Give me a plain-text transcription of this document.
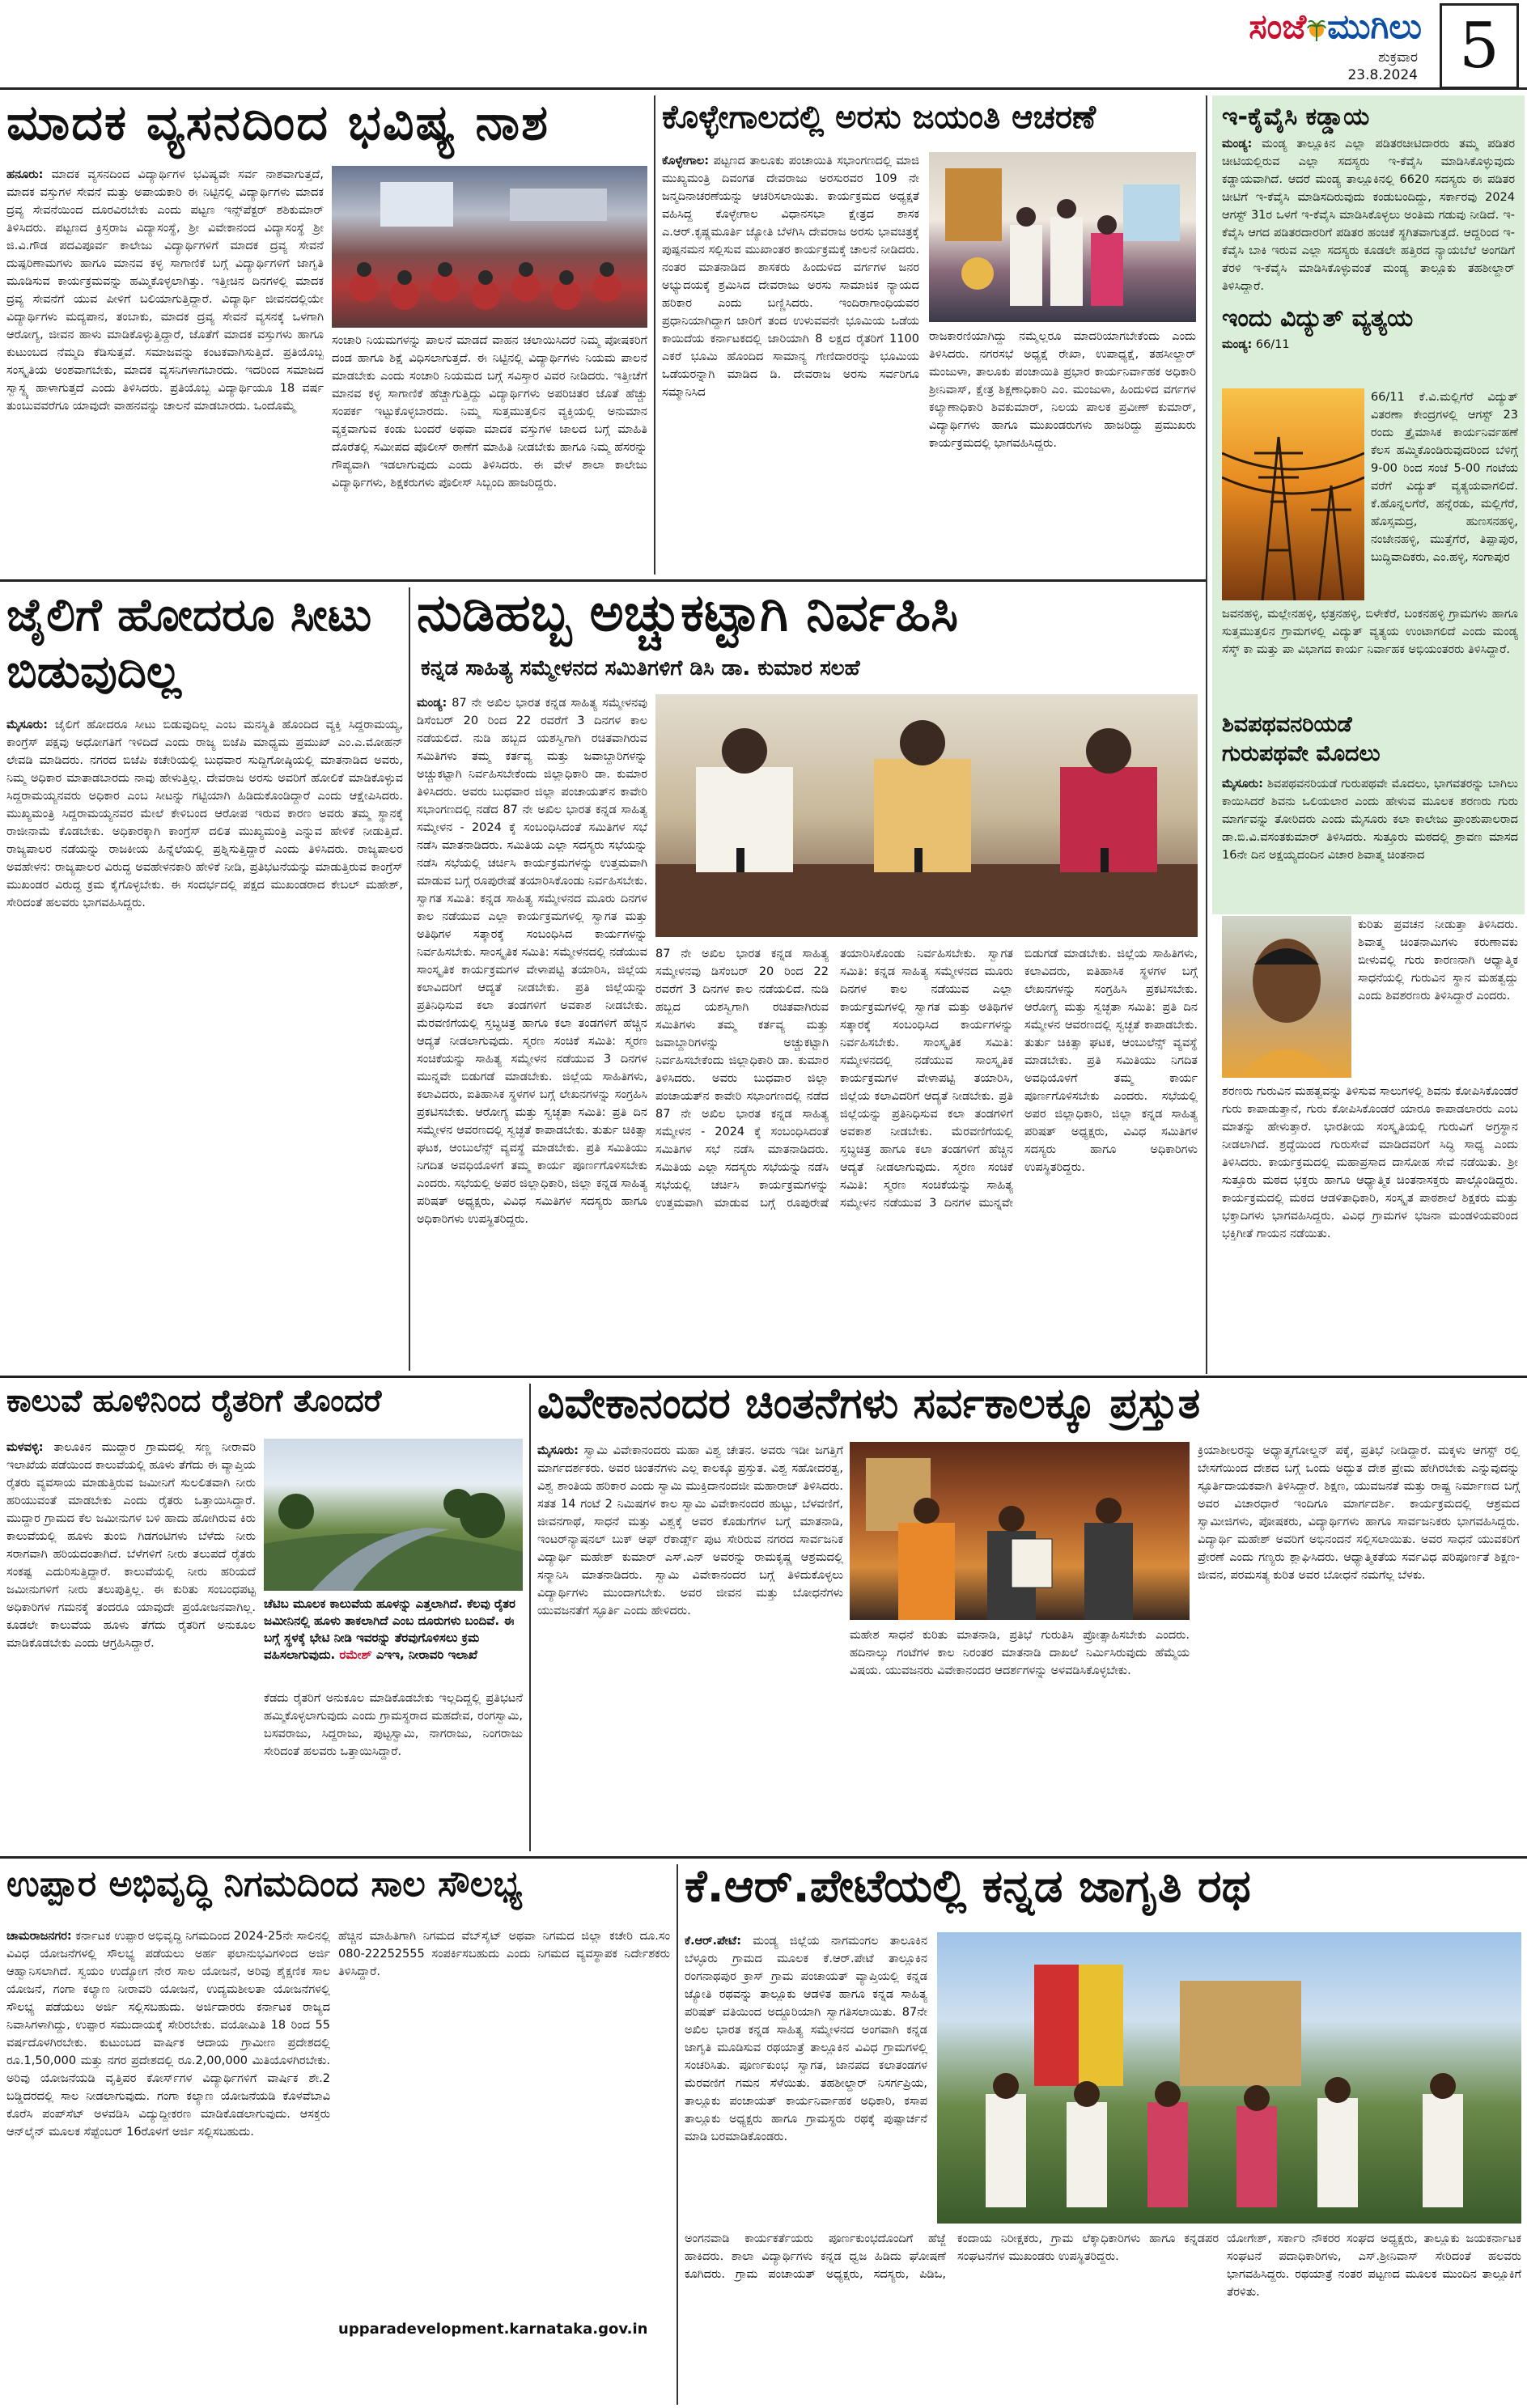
ಸಂಜೆ ಮುಗಿಲು
ಶುಕ್ರವಾರ
23.8.2024 5
ಮಾದಕ ವ್ಯಸನದಿಂದ ಭವಿಷ್ಯ ನಾಶ
ಹನೂರು: ಮಾದಕ ವ್ಯಸನದಿಂದ ವಿದ್ಯಾರ್ಥಿಗಳ ಭವಿಷ್ಯವೇ ಸರ್ವ ನಾಶವಾಗುತ್ತದೆ, ಮಾದಕ ವಸ್ತುಗಳ ಸೇವನೆ ಮತ್ತು ಅಪಾಯಕಾರಿ ಈ ನಿಟ್ಟಿನಲ್ಲಿ ವಿದ್ಯಾರ್ಥಿಗಳು ಮಾದಕ ದ್ರವ್ಯ ಸೇವನೆಯಿಂದ ದೂರವಿರಬೇಕು ಎಂದು ಪಟ್ಟಣ ಇನ್ಸ್‌ಪೆಕ್ಟರ್ ಶಶಿಕುಮಾರ್ ತಿಳಿಸಿದರು. ಪಟ್ಟಣದ ಕ್ರಿಸ್ತರಾಜ ವಿದ್ಯಾಸಂಸ್ಥೆ, ಶ್ರೀ ವಿವೇಕಾನಂದ ವಿದ್ಯಾಸಂಸ್ಥೆ ಶ್ರೀ ಜಿ.ವಿ.ಗೌಡ ಪದವಿಪೂರ್ವ ಕಾಲೇಜು ವಿದ್ಯಾರ್ಥಿಗಳಿಗೆ ಮಾದಕ ದ್ರವ್ಯ ಸೇವನೆ ದುಷ್ಪರಿಣಾಮಗಳು ಹಾಗೂ ಮಾನವ ಕಳ್ಳ ಸಾಗಾಣಿಕೆ ಬಗ್ಗೆ ವಿದ್ಯಾರ್ಥಿಗಳಿಗೆ ಜಾಗೃತಿ ಮೂಡಿಸುವ ಕಾರ್ಯಕ್ರಮವನ್ನು ಹಮ್ಮಿಕೊಳ್ಳಲಾಗಿತ್ತು. ಇತ್ತೀಚಿನ ದಿನಗಳಲ್ಲಿ ಮಾದಕ ದ್ರವ್ಯ ಸೇವನೆಗೆ ಯುವ ಪೀಳಿಗೆ ಬಲಿಯಾಗುತ್ತಿದ್ದಾರೆ. ವಿದ್ಯಾರ್ಥಿ ಜೀವನದಲ್ಲಿಯೇ ವಿದ್ಯಾರ್ಥಿಗಳು ಮದ್ಯಪಾನ, ತಂಬಾಕು, ಮಾದಕ ದ್ರವ್ಯ ಸೇವನೆ ವ್ಯಸನಕ್ಕೆ ಒಳಗಾಗಿ ಆರೋಗ್ಯ, ಜೀವನ ಹಾಳು ಮಾಡಿಕೊಳ್ಳುತ್ತಿದ್ದಾರೆ, ಜೊತೆಗೆ ಮಾದಕ ವಸ್ತುಗಳು ಹಾಗೂ ಕುಟುಂಬದ ನೆಮ್ಮದಿ ಕೆಡಿಸುತ್ತವೆ. ಸಮಾಜವನ್ನು ಕಂಟಕವಾಗಿಸುತ್ತಿದೆ. ಪ್ರತಿಯೊಬ್ಬ ಸಂಸ್ಕೃತಿಯ ಅಂಶವಾಗಬೇಕು, ಮಾದಕ ವ್ಯಸನಿಗಳಾಗಬಾರದು. ಇದರಿಂದ ಸಮಾಜದ ಸ್ವಾಸ್ಥ್ಯ ಹಾಳಾಗುತ್ತದೆ ಎಂದು ತಿಳಿಸಿದರು. ಪ್ರತಿಯೊಬ್ಬ ವಿದ್ಯಾರ್ಥಿಯೂ 18 ವರ್ಷ ತುಂಬುವವರೆಗೂ ಯಾವುದೇ ವಾಹನವನ್ನು ಚಾಲನೆ ಮಾಡಬಾರದು. ಒಂದೊಮ್ಮೆ
ಸಂಚಾರಿ ನಿಯಮಗಳನ್ನು ಪಾಲನೆ ಮಾಡದೆ ವಾಹನ ಚಲಾಯಿಸಿದರೆ ನಿಮ್ಮ ಪೋಷಕರಿಗೆ ದಂಡ ಹಾಗೂ ಶಿಕ್ಷೆ ವಿಧಿಸಲಾಗುತ್ತದೆ. ಈ ನಿಟ್ಟಿನಲ್ಲಿ ವಿದ್ಯಾರ್ಥಿಗಳು ನಿಯಮ ಪಾಲನೆ ಮಾಡಬೇಕು ಎಂದು ಸಂಚಾರಿ ನಿಯಮದ ಬಗ್ಗೆ ಸವಿಸ್ತಾರ ವಿವರ ನೀಡಿದರು. ಇತ್ತೀಚೆಗೆ ಮಾನವ ಕಳ್ಳ ಸಾಗಾಣಿಕೆ ಹೆಚ್ಚಾಗುತ್ತಿದ್ದು ವಿದ್ಯಾರ್ಥಿಗಳು ಅಪರಿಚಿತರ ಜೊತೆ ಹೆಚ್ಚು ಸಂಪರ್ಕ ಇಟ್ಟುಕೊಳ್ಳಬಾರದು. ನಿಮ್ಮ ಸುತ್ತಮುತ್ತಲಿನ ವ್ಯಕ್ತಿಯಲ್ಲಿ ಅನುಮಾನ ವ್ಯಕ್ತವಾಗುವ ಕಂಡು ಬಂದರೆ ಅಥವಾ ಮಾದಕ ವಸ್ತುಗಳ ಜಾಲದ ಬಗ್ಗೆ ಮಾಹಿತಿ ದೊರೆತಲ್ಲಿ ಸಮೀಪದ ಪೊಲೀಸ್ ಠಾಣೆಗೆ ಮಾಹಿತಿ ನೀಡಬೇಕು ಹಾಗೂ ನಿಮ್ಮ ಹೆಸರನ್ನು ಗೌಪ್ಯವಾಗಿ ಇಡಲಾಗುವುದು ಎಂದು ತಿಳಿಸಿದರು. ಈ ವೇಳೆ ಶಾಲಾ ಕಾಲೇಜು ವಿದ್ಯಾರ್ಥಿಗಳು, ಶಿಕ್ಷಕರುಗಳು ಪೊಲೀಸ್ ಸಿಬ್ಬಂದಿ ಹಾಜರಿದ್ದರು.
ಕೊಳ್ಳೇಗಾಲದಲ್ಲಿ ಅರಸು ಜಯಂತಿ ಆಚರಣೆ
ಕೊಳ್ಳೇಗಾಲ: ಪಟ್ಟಣದ ತಾಲೂಕು ಪಂಚಾಯಿತಿ ಸಭಾಂಗಣದಲ್ಲಿ ಮಾಜಿ ಮುಖ್ಯಮಂತ್ರಿ ದಿವಂಗತ ದೇವರಾಜು ಅರಸುರವರ 109 ನೇ ಜನ್ಮದಿನಾಚರಣೆಯನ್ನು ಆಚರಿಸಲಾಯಿತು. ಕಾರ್ಯಕ್ರಮದ ಅಧ್ಯಕ್ಷತೆ ವಹಿಸಿದ್ದ ಕೊಳ್ಳೇಗಾಲ ವಿಧಾನಸಭಾ ಕ್ಷೇತ್ರದ ಶಾಸಕ ಎ.ಆರ್.ಕೃಷ್ಣಮೂರ್ತಿ ಜ್ಯೋತಿ ಬೆಳಗಿಸಿ ದೇವರಾಜ ಅರಸು ಭಾವಚಿತ್ರಕ್ಕೆ ಪುಷ್ಪನಮನ ಸಲ್ಲಿಸುವ ಮುಖಾಂತರ ಕಾರ್ಯಕ್ರಮಕ್ಕೆ ಚಾಲನೆ ನೀಡಿದರು. ನಂತರ ಮಾತನಾಡಿದ ಶಾಸಕರು ಹಿಂದುಳಿದ ವರ್ಗಗಳ ಜನರ ಅಭ್ಯುದಯಕ್ಕೆ ಶ್ರಮಿಸಿದ ದೇವರಾಜು ಅರಸು ಸಾಮಾಜಿಕ ನ್ಯಾಯದ ಹರಿಕಾರ ಎಂದು ಬಣ್ಣಿಸಿದರು. ಇಂದಿರಾಗಾಂಧಿಯವರ ಪ್ರಧಾನಿಯಾಗಿದ್ದಾಗ ಜಾರಿಗೆ ತಂದ ಉಳುವವನೇ ಭೂಮಿಯ ಒಡೆಯ ಕಾಯಿದೆಯ ಕರ್ನಾಟಕದಲ್ಲಿ ಜಾರಿಯಾಗಿ 8 ಲಕ್ಷದ ರೈತರಿಗೆ 1100 ಎಕರೆ ಭೂಮಿ ಹೊಂದಿದ ಸಾಮಾನ್ಯ ಗೇಣಿದಾರರನ್ನು ಭೂಮಿಯ ಒಡೆಯರನ್ನಾಗಿ ಮಾಡಿದ ಡಿ. ದೇವರಾಜ ಅರಸು ಸರ್ವರಿಗೂ ಸಮ್ಮಾನಿಸಿದ
ರಾಜಕಾರಣಿಯಾಗಿದ್ದು ನಮ್ಮೆಲ್ಲರೂ ಮಾದರಿಯಾಗಬೇಕೆಂದು ಎಂದು ತಿಳಿಸಿದರು. ನಗರಸಭೆ ಅಧ್ಯಕ್ಷೆ ರೇಖಾ, ಉಪಾಧ್ಯಕ್ಷೆ, ತಹಸೀಲ್ದಾರ್ ಮಂಜುಳಾ, ತಾಲೂಕು ಪಂಚಾಯಿತಿ ಪ್ರಭಾರ ಕಾರ್ಯನಿರ್ವಾಹಕ ಅಧಿಕಾರಿ ಶ್ರೀನಿವಾಸ್, ಕ್ಷೇತ್ರ ಶಿಕ್ಷಣಾಧಿಕಾರಿ ಎಂ. ಮಂಜುಳಾ, ಹಿಂದುಳಿದ ವರ್ಗಗಳ ಕಲ್ಯಾಣಾಧಿಕಾರಿ ಶಿವಕುಮಾರ್, ನಿಲಯ ಪಾಲಕ ಪ್ರವೀಣ್ ಕುಮಾರ್, ವಿದ್ಯಾರ್ಥಿಗಳು ಹಾಗೂ ಮುಖಂಡರುಗಳು ಹಾಜರಿದ್ದು ಪ್ರಮುಖರು ಕಾರ್ಯಕ್ರಮದಲ್ಲಿ ಭಾಗವಹಿಸಿದ್ದರು.
ಜೈಲಿಗೆ ಹೋದರೂ ಸೀಟು ಬಿಡುವುದಿಲ್ಲ
ಮೈಸೂರು: ಜೈಲಿಗೆ ಹೋದರೂ ಸೀಟು ಬಿಡುವುದಿಲ್ಲ ಎಂಬ ಮನಸ್ಥಿತಿ ಹೊಂದಿದ ವ್ಯಕ್ತಿ ಸಿದ್ದರಾಮಯ್ಯ, ಕಾಂಗ್ರೆಸ್ ಪಕ್ಷವು ಅಧೋಗತಿಗೆ ಇಳಿದಿದೆ ಎಂದು ರಾಜ್ಯ ಬಿಜೆಪಿ ಮಾಧ್ಯಮ ಪ್ರಮುಖ್ ಎಂ.ಎ.ಮೋಹನ್ ಲೇವಡಿ ಮಾಡಿದರು. ನಗರದ ಬಿಜೆಪಿ ಕಚೇರಿಯಲ್ಲಿ ಬುಧವಾರ ಸುದ್ದಿಗೋಷ್ಠಿಯಲ್ಲಿ ಮಾತನಾಡಿದ ಅವರು, ನಿಮ್ಮ ಅಧಿಕಾರ ಮಾತಾಡಬಾರದು ನಾವು ಹೇಳುತ್ತಿಲ್ಲ. ದೇವರಾಜ ಅರಸು ಅವರಿಗೆ ಹೋಲಿಕೆ ಮಾಡಿಕೊಳ್ಳುವ ಸಿದ್ದರಾಮಯ್ಯನವರು ಅಧಿಕಾರ ಎಂಬ ಸೀಟನ್ನು ಗಟ್ಟಿಯಾಗಿ ಹಿಡಿದುಕೊಂಡಿದ್ದಾರೆ ಎಂದು ಆಕ್ಷೇಪಿಸಿದರು. ಮುಖ್ಯಮಂತ್ರಿ ಸಿದ್ದರಾಮಯ್ಯನವರ ಮೇಲೆ ಕೇಳಿಬಂದ ಆರೋಪ ಇರುವ ಕಾರಣ ಅವರು ತಮ್ಮ ಸ್ಥಾನಕ್ಕೆ ರಾಜೀನಾಮೆ ಕೊಡಬೇಕು. ಅಧಿಕಾರಕ್ಕಾಗಿ ಕಾಂಗ್ರೆಸ್ ದಲಿತ ಮುಖ್ಯಮಂತ್ರಿ ಎನ್ನುವ ಹೇಳಿಕೆ ನೀಡುತ್ತಿದೆ. ರಾಜ್ಯಪಾಲರ ನಡೆಯನ್ನು ರಾಜಕೀಯ ಹಿನ್ನೆಲೆಯಲ್ಲಿ ಪ್ರಶ್ನಿಸುತ್ತಿದ್ದಾರೆ ಎಂದು ತಿಳಿಸಿದರು. ರಾಜ್ಯಪಾಲರ ಅವಹೇಳನ: ರಾಜ್ಯಪಾಲರ ವಿರುದ್ಧ ಅವಹೇಳನಕಾರಿ ಹೇಳಿಕೆ ನೀಡಿ, ಪ್ರತಿಭಟನೆಯನ್ನು ಮಾಡುತ್ತಿರುವ ಕಾಂಗ್ರೆಸ್ ಮುಖಂಡರ ವಿರುದ್ಧ ಕ್ರಮ ಕೈಗೊಳ್ಳಬೇಕು. ಈ ಸಂದರ್ಭದಲ್ಲಿ ಪಕ್ಷದ ಮುಖಂಡರಾದ ಕೇಬಲ್ ಮಹೇಶ್, ಸೇರಿದಂತೆ ಹಲವರು ಭಾಗವಹಿಸಿದ್ದರು.
ನುಡಿಹಬ್ಬ ಅಚ್ಚುಕಟ್ಟಾಗಿ ನಿರ್ವಹಿಸಿ
ಕನ್ನಡ ಸಾಹಿತ್ಯ ಸಮ್ಮೇಳನದ ಸಮಿತಿಗಳಿಗೆ ಡಿಸಿ ಡಾ. ಕುಮಾರ ಸಲಹೆ
ಮಂಡ್ಯ: 87 ನೇ ಅಖಿಲ ಭಾರತ ಕನ್ನಡ ಸಾಹಿತ್ಯ ಸಮ್ಮೇಳನವು ಡಿಸೆಂಬರ್ 20 ರಿಂದ 22 ರವರೆಗೆ 3 ದಿನಗಳ ಕಾಲ ನಡೆಯಲಿದೆ. ನುಡಿ ಹಬ್ಬದ ಯಶಸ್ವಿಗಾಗಿ ರಚಿತವಾಗಿರುವ ಸಮಿತಿಗಳು ತಮ್ಮ ಕರ್ತವ್ಯ ಮತ್ತು ಜವಾಬ್ದಾರಿಗಳನ್ನು ಅಚ್ಚುಕಟ್ಟಾಗಿ ನಿರ್ವಹಿಸಬೇಕೆಂದು ಜಿಲ್ಲಾಧಿಕಾರಿ ಡಾ. ಕುಮಾರ ತಿಳಿಸಿದರು. ಅವರು ಬುಧವಾರ ಜಿಲ್ಲಾ ಪಂಚಾಯತ್‌ನ ಕಾವೇರಿ ಸಭಾಂಗಣದಲ್ಲಿ ನಡೆದ 87 ನೇ ಅಖಿಲ ಭಾರತ ಕನ್ನಡ ಸಾಹಿತ್ಯ ಸಮ್ಮೇಳನ - 2024 ಕ್ಕೆ ಸಂಬಂಧಿಸಿದಂತೆ ಸಮಿತಿಗಳ ಸಭೆ ನಡೆಸಿ ಮಾತನಾಡಿದರು. ಸಮಿತಿಯ ಎಲ್ಲಾ ಸದಸ್ಯರು ಸಭೆಯನ್ನು ನಡೆಸಿ ಸಭೆಯಲ್ಲಿ ಚರ್ಚಿಸಿ ಕಾರ್ಯಕ್ರಮಗಳನ್ನು ಉತ್ತಮವಾಗಿ ಮಾಡುವ ಬಗ್ಗೆ ರೂಪುರೇಷೆ ತಯಾರಿಸಿಕೊಂಡು ನಿರ್ವಹಿಸಬೇಕು. ಸ್ವಾಗತ ಸಮಿತಿ: ಕನ್ನಡ ಸಾಹಿತ್ಯ ಸಮ್ಮೇಳನದ ಮೂರು ದಿನಗಳ ಕಾಲ ನಡೆಯುವ ಎಲ್ಲಾ ಕಾರ್ಯಕ್ರಮಗಳಲ್ಲಿ ಸ್ವಾಗತ ಮತ್ತು ಅತಿಥಿಗಳ ಸತ್ಕಾರಕ್ಕೆ ಸಂಬಂಧಿಸಿದ ಕಾರ್ಯಗಳನ್ನು ನಿರ್ವಹಿಸಬೇಕು. ಸಾಂಸ್ಕೃತಿಕ ಸಮಿತಿ: ಸಮ್ಮೇಳನದಲ್ಲಿ ನಡೆಯುವ ಸಾಂಸ್ಕೃತಿಕ ಕಾರ್ಯಕ್ರಮಗಳ ವೇಳಾಪಟ್ಟಿ ತಯಾರಿಸಿ, ಜಿಲ್ಲೆಯ ಕಲಾವಿದರಿಗೆ ಆದ್ಯತೆ ನೀಡಬೇಕು. ಪ್ರತಿ ಜಿಲ್ಲೆಯನ್ನು ಪ್ರತಿನಿಧಿಸುವ ಕಲಾ ತಂಡಗಳಿಗೆ ಅವಕಾಶ ನೀಡಬೇಕು. ಮೆರವಣಿಗೆಯಲ್ಲಿ ಸ್ತಬ್ಧಚಿತ್ರ ಹಾಗೂ ಕಲಾ ತಂಡಗಳಿಗೆ ಹೆಚ್ಚಿನ ಆದ್ಯತೆ ನೀಡಲಾಗುವುದು. ಸ್ಮರಣ ಸಂಚಿಕೆ ಸಮಿತಿ: ಸ್ಮರಣ ಸಂಚಿಕೆಯನ್ನು ಸಾಹಿತ್ಯ ಸಮ್ಮೇಳನ ನಡೆಯುವ 3 ದಿನಗಳ ಮುನ್ನವೇ ಬಿಡುಗಡೆ ಮಾಡಬೇಕು. ಜಿಲ್ಲೆಯ ಸಾಹಿತಿಗಳು, ಕಲಾವಿದರು, ಐತಿಹಾಸಿಕ ಸ್ಥಳಗಳ ಬಗ್ಗೆ ಲೇಖನಗಳನ್ನು ಸಂಗ್ರಹಿಸಿ ಪ್ರಕಟಿಸಬೇಕು. ಆರೋಗ್ಯ ಮತ್ತು ಸ್ವಚ್ಛತಾ ಸಮಿತಿ: ಪ್ರತಿ ದಿನ ಸಮ್ಮೇಳನ ಆವರಣದಲ್ಲಿ ಸ್ವಚ್ಛತೆ ಕಾಪಾಡಬೇಕು. ತುರ್ತು ಚಿಕಿತ್ಸಾ ಘಟಕ, ಆಂಬುಲೆನ್ಸ್ ವ್ಯವಸ್ಥೆ ಮಾಡಬೇಕು. ಪ್ರತಿ ಸಮಿತಿಯು ನಿಗದಿತ ಅವಧಿಯೊಳಗೆ ತಮ್ಮ ಕಾರ್ಯ ಪೂರ್ಣಗೊಳಿಸಬೇಕು ಎಂದರು. ಸಭೆಯಲ್ಲಿ ಅಪರ ಜಿಲ್ಲಾಧಿಕಾರಿ, ಜಿಲ್ಲಾ ಕನ್ನಡ ಸಾಹಿತ್ಯ ಪರಿಷತ್ ಅಧ್ಯಕ್ಷರು, ವಿವಿಧ ಸಮಿತಿಗಳ ಸದಸ್ಯರು ಹಾಗೂ ಅಧಿಕಾರಿಗಳು ಉಪಸ್ಥಿತರಿದ್ದರು.
87 ನೇ ಅಖಿಲ ಭಾರತ ಕನ್ನಡ ಸಾಹಿತ್ಯ ಸಮ್ಮೇಳನವು ಡಿಸೆಂಬರ್ 20 ರಿಂದ 22 ರವರೆಗೆ 3 ದಿನಗಳ ಕಾಲ ನಡೆಯಲಿದೆ. ನುಡಿ ಹಬ್ಬದ ಯಶಸ್ವಿಗಾಗಿ ರಚಿತವಾಗಿರುವ ಸಮಿತಿಗಳು ತಮ್ಮ ಕರ್ತವ್ಯ ಮತ್ತು ಜವಾಬ್ದಾರಿಗಳನ್ನು ಅಚ್ಚುಕಟ್ಟಾಗಿ ನಿರ್ವಹಿಸಬೇಕೆಂದು ಜಿಲ್ಲಾಧಿಕಾರಿ ಡಾ. ಕುಮಾರ ತಿಳಿಸಿದರು. ಅವರು ಬುಧವಾರ ಜಿಲ್ಲಾ ಪಂಚಾಯತ್‌ನ ಕಾವೇರಿ ಸಭಾಂಗಣದಲ್ಲಿ ನಡೆದ 87 ನೇ ಅಖಿಲ ಭಾರತ ಕನ್ನಡ ಸಾಹಿತ್ಯ ಸಮ್ಮೇಳನ - 2024 ಕ್ಕೆ ಸಂಬಂಧಿಸಿದಂತೆ ಸಮಿತಿಗಳ ಸಭೆ ನಡೆಸಿ ಮಾತನಾಡಿದರು. ಸಮಿತಿಯ ಎಲ್ಲಾ ಸದಸ್ಯರು ಸಭೆಯನ್ನು ನಡೆಸಿ ಸಭೆಯಲ್ಲಿ ಚರ್ಚಿಸಿ ಕಾರ್ಯಕ್ರಮಗಳನ್ನು ಉತ್ತಮವಾಗಿ ಮಾಡುವ ಬಗ್ಗೆ ರೂಪುರೇಷೆ ತಯಾರಿಸಿಕೊಂಡು ನಿರ್ವಹಿಸಬೇಕು. ಸ್ವಾಗತ ಸಮಿತಿ: ಕನ್ನಡ ಸಾಹಿತ್ಯ ಸಮ್ಮೇಳನದ ಮೂರು ದಿನಗಳ ಕಾಲ ನಡೆಯುವ ಎಲ್ಲಾ ಕಾರ್ಯಕ್ರಮಗಳಲ್ಲಿ ಸ್ವಾಗತ ಮತ್ತು ಅತಿಥಿಗಳ ಸತ್ಕಾರಕ್ಕೆ ಸಂಬಂಧಿಸಿದ ಕಾರ್ಯಗಳನ್ನು ನಿರ್ವಹಿಸಬೇಕು. ಸಾಂಸ್ಕೃತಿಕ ಸಮಿತಿ: ಸಮ್ಮೇಳನದಲ್ಲಿ ನಡೆಯುವ ಸಾಂಸ್ಕೃತಿಕ ಕಾರ್ಯಕ್ರಮಗಳ ವೇಳಾಪಟ್ಟಿ ತಯಾರಿಸಿ, ಜಿಲ್ಲೆಯ ಕಲಾವಿದರಿಗೆ ಆದ್ಯತೆ ನೀಡಬೇಕು. ಪ್ರತಿ ಜಿಲ್ಲೆಯನ್ನು ಪ್ರತಿನಿಧಿಸುವ ಕಲಾ ತಂಡಗಳಿಗೆ ಅವಕಾಶ ನೀಡಬೇಕು. ಮೆರವಣಿಗೆಯಲ್ಲಿ ಸ್ತಬ್ಧಚಿತ್ರ ಹಾಗೂ ಕಲಾ ತಂಡಗಳಿಗೆ ಹೆಚ್ಚಿನ ಆದ್ಯತೆ ನೀಡಲಾಗುವುದು. ಸ್ಮರಣ ಸಂಚಿಕೆ ಸಮಿತಿ: ಸ್ಮರಣ ಸಂಚಿಕೆಯನ್ನು ಸಾಹಿತ್ಯ ಸಮ್ಮೇಳನ ನಡೆಯುವ 3 ದಿನಗಳ ಮುನ್ನವೇ ಬಿಡುಗಡೆ ಮಾಡಬೇಕು. ಜಿಲ್ಲೆಯ ಸಾಹಿತಿಗಳು, ಕಲಾವಿದರು, ಐತಿಹಾಸಿಕ ಸ್ಥಳಗಳ ಬಗ್ಗೆ ಲೇಖನಗಳನ್ನು ಸಂಗ್ರಹಿಸಿ ಪ್ರಕಟಿಸಬೇಕು. ಆರೋಗ್ಯ ಮತ್ತು ಸ್ವಚ್ಛತಾ ಸಮಿತಿ: ಪ್ರತಿ ದಿನ ಸಮ್ಮೇಳನ ಆವರಣದಲ್ಲಿ ಸ್ವಚ್ಛತೆ ಕಾಪಾಡಬೇಕು. ತುರ್ತು ಚಿಕಿತ್ಸಾ ಘಟಕ, ಆಂಬುಲೆನ್ಸ್ ವ್ಯವಸ್ಥೆ ಮಾಡಬೇಕು. ಪ್ರತಿ ಸಮಿತಿಯು ನಿಗದಿತ ಅವಧಿಯೊಳಗೆ ತಮ್ಮ ಕಾರ್ಯ ಪೂರ್ಣಗೊಳಿಸಬೇಕು ಎಂದರು. ಸಭೆಯಲ್ಲಿ ಅಪರ ಜಿಲ್ಲಾಧಿಕಾರಿ, ಜಿಲ್ಲಾ ಕನ್ನಡ ಸಾಹಿತ್ಯ ಪರಿಷತ್ ಅಧ್ಯಕ್ಷರು, ವಿವಿಧ ಸಮಿತಿಗಳ ಸದಸ್ಯರು ಹಾಗೂ ಅಧಿಕಾರಿಗಳು ಉಪಸ್ಥಿತರಿದ್ದರು.
ಇ-ಕೈವೈಸಿ ಕಡ್ಡಾಯ
ಮಂಡ್ಯ: ಮಂಡ್ಯ ತಾಲ್ಲೂಕಿನ ಎಲ್ಲಾ ಪಡಿತರಚೀಟಿದಾರರು ತಮ್ಮ ಪಡಿತರ ಚೀಟಿಯಲ್ಲಿರುವ ಎಲ್ಲಾ ಸದಸ್ಯರು ಇ-ಕೆವೈಸಿ ಮಾಡಿಸಿಕೊಳ್ಳುವುದು ಕಡ್ಡಾಯವಾಗಿದೆ. ಆದರೆ ಮಂಡ್ಯ ತಾಲ್ಲೂಕಿನಲ್ಲಿ 6620 ಸದಸ್ಯರು ಈ ಪಡಿತರ ಚೀಟಿಗೆ ಇ-ಕೆವೈಸಿ ಮಾಡಿಸದಿರುವುದು ಕಂಡುಬಂದಿದ್ದು, ಸರ್ಕಾರವು 2024 ಆಗಸ್ಟ್ 31ರ ಒಳಗೆ ಇ-ಕೆವೈಸಿ ಮಾಡಿಸಿಕೊಳ್ಳಲು ಅಂತಿಮ ಗಡುವು ನೀಡಿದೆ. ಇ-ಕೆವೈಸಿ ಆಗದ ಪಡಿತರದಾರರಿಗೆ ಪಡಿತರ ಹಂಚಿಕೆ ಸ್ಥಗಿತವಾಗುತ್ತದೆ. ಆದ್ದರಿಂದ ಇ-ಕೆವೈಸಿ ಬಾಕಿ ಇರುವ ಎಲ್ಲಾ ಸದಸ್ಯರು ಕೂಡಲೇ ಹತ್ತಿರದ ನ್ಯಾಯಬೆಲೆ ಅಂಗಡಿಗೆ ತೆರಳಿ ಇ-ಕೆವೈಸಿ ಮಾಡಿಸಿಕೊಳ್ಳುವಂತೆ ಮಂಡ್ಯ ತಾಲ್ಲೂಕು ತಹಶೀಲ್ದಾರ್ ತಿಳಿಸಿದ್ದಾರೆ.
ಇಂದು ವಿದ್ಯುತ್ ವ್ಯತ್ಯಯ
ಮಂಡ್ಯ: 66/11
66/11 ಕೆ.ವಿ.ಮಲ್ಲಿಗೆರೆ ವಿದ್ಯುತ್ ವಿತರಣಾ ಕೇಂದ್ರಗಳಲ್ಲಿ ಆಗಸ್ಟ್ 23 ರಂದು ತ್ರೈಮಾಸಿಕ ಕಾರ್ಯನಿರ್ವಹಣೆ ಕೆಲಸ ಹಮ್ಮಿಕೊಂಡಿರುವುದರಿಂದ ಬೆಳಿಗ್ಗೆ 9-00 ರಿಂದ ಸಂಜೆ 5-00 ಗಂಟೆಯ ವರೆಗೆ ವಿದ್ಯುತ್ ವ್ಯತ್ಯಯವಾಗಲಿದೆ. ಕೆ.ಹೊನ್ನಲಗೆರೆ, ಹನ್ನೆರಡು, ಮಲ್ಲಿಗೆರೆ, ಹೊಸ್ಸಮದ್ರ, ಹುಣಸನಹಳ್ಳಿ, ನಂಜೇನಹಳ್ಳಿ, ಮುತ್ತೆಗೆರೆ, ತಿಪ್ಪಾಪುರ, ಬುದ್ಧಿವಾದಿಕರು, ಎಂ.ಹಳ್ಳಿ, ಸಂಗಾಪುರ
ಜವನಹಳ್ಳಿ, ಮಲ್ಲೇನಹಳ್ಳಿ, ಛತ್ರನಹಳ್ಳಿ, ಬಿಳೇಕೆರೆ, ಬಂಕನಹಳ್ಳಿ ಗ್ರಾಮಗಳು ಹಾಗೂ ಸುತ್ತಮುತ್ತಲಿನ ಗ್ರಾಮಗಳಲ್ಲಿ ವಿದ್ಯುತ್ ವ್ಯತ್ಯಯ ಉಂಟಾಗಲಿದೆ ಎಂದು ಮಂಡ್ಯ ಸೆಸ್ಕ್ ಕಾ ಮತ್ತು ಪಾ ವಿಭಾಗದ ಕಾರ್ಯ ನಿರ್ವಾಹಕ ಅಭಿಯಂತರರು ತಿಳಿಸಿದ್ದಾರೆ.
ಶಿವಪಥವನರಿಯಡೆ
ಗುರುಪಥವೇ ಮೊದಲು
ಮೈಸೂರು: ಶಿವಪಥವನರಿಯಡೆ ಗುರುಪಥವೇ ಮೊದಲು, ಭಾಗವತರನ್ನು ಬಾಗಿಲು ಕಾಯಿಸಿದರೆ ಶಿವನು ಒಲಿಯಲಾರ ಎಂದು ಹೇಳುವ ಮೂಲಕ ಶರಣರು ಗುರು ಮಾರ್ಗವನ್ನು ತೋರಿದರು ಎಂದು ಮೈಸೂರು ಕಲಾ ಕಾಲೇಜು ಪ್ರಾಂಶುಪಾಲರಾದ ಡಾ.ಬಿ.ವಿ.ವಸಂತಕುಮಾರ್ ತಿಳಿಸಿದರು. ಸುತ್ತೂರು ಮಠದಲ್ಲಿ ಶ್ರಾವಣ ಮಾಸದ 16ನೇ ದಿನ ಅಕ್ಷಯ್ಯದಂದಿನ ವಿಚಾರ ಶಿವಾತ್ಮ ಚಿಂತನಾದ
ಕುರಿತು ಪ್ರವಚನ ನೀಡುತ್ತಾ ತಿಳಿಸಿದರು. ಶಿವಾತ್ಮ ಚಿಂತನಾಮಿಗಳು ಕರುಣಾವಕು ಬೀಳುವಲ್ಲಿ ಗುರು ಕಾರಣನಾಗಿ ಆಧ್ಯಾತ್ಮಿಕ ಸಾಧನೆಯಲ್ಲಿ ಗುರುವಿನ ಸ್ಥಾನ ಮಹತ್ವದ್ದು ಎಂದು ಶಿವಶರಣರು ತಿಳಿಸಿದ್ದಾರೆ ಎಂದರು.
ಶರಣರು ಗುರುವಿನ ಮಹತ್ವವನ್ನು ತಿಳಿಸುವ ಸಾಲುಗಳಲ್ಲಿ ಶಿವನು ಕೋಪಿಸಿಕೊಂಡರೆ ಗುರು ಕಾಪಾಡುತ್ತಾನೆ, ಗುರು ಕೋಪಿಸಿಕೊಂಡರೆ ಯಾರೂ ಕಾಪಾಡಲಾರರು ಎಂಬ ಮಾತನ್ನು ಹೇಳುತ್ತಾರೆ. ಭಾರತೀಯ ಸಂಸ್ಕೃತಿಯಲ್ಲಿ ಗುರುವಿಗೆ ಅಗ್ರಸ್ಥಾನ ನೀಡಲಾಗಿದೆ. ಶ್ರದ್ಧೆಯಿಂದ ಗುರುಸೇವೆ ಮಾಡಿದವರಿಗೆ ಸಿದ್ಧಿ ಸಾಧ್ಯ ಎಂದು ತಿಳಿಸಿದರು. ಕಾರ್ಯಕ್ರಮದಲ್ಲಿ ಮಹಾಪ್ರಸಾದ ದಾಸೋಹ ಸೇವೆ ನಡೆಯಿತು. ಶ್ರೀ ಸುತ್ತೂರು ಮಠದ ಭಕ್ತರು ಹಾಗೂ ಆಧ್ಯಾತ್ಮಿಕ ಚಿಂತನಾಸಕ್ತರು ಪಾಲ್ಗೊಂಡಿದ್ದರು. ಕಾರ್ಯಕ್ರಮದಲ್ಲಿ ಮಠದ ಆಡಳಿತಾಧಿಕಾರಿ, ಸಂಸ್ಕೃತ ಪಾಠಶಾಲೆ ಶಿಕ್ಷಕರು ಮತ್ತು ಭಕ್ತಾದಿಗಳು ಭಾಗವಹಿಸಿದ್ದರು. ವಿವಿಧ ಗ್ರಾಮಗಳ ಭಜನಾ ಮಂಡಳಿಯವರಿಂದ ಭಕ್ತಿಗೀತೆ ಗಾಯನ ನಡೆಯಿತು.
ಕಾಲುವೆ ಹೂಳಿನಿಂದ ರೈತರಿಗೆ ತೊಂದರೆ
ಮಳವಳ್ಳಿ: ತಾಲೂಕಿನ ಮುದ್ದಾರ ಗ್ರಾಮದಲ್ಲಿ ಸಣ್ಣ ನೀರಾವರಿ ಇಲಾಖೆಯ ಪಡೆಯಿಂದ ಕಾಲುವೆಯಲ್ಲಿ ಹೂಳು ತೆಗೆದು ಈ ವ್ಯಾಪ್ತಿಯ ರೈತರು ವ್ಯವಸಾಯ ಮಾಡುತ್ತಿರುವ ಜಮೀನಿಗೆ ಸುಲಲಿತವಾಗಿ ನೀರು ಹರಿಯುವಂತೆ ಮಾಡಬೇಕು ಎಂದು ರೈತರು ಒತ್ತಾಯಿಸಿದ್ದಾರೆ. ಮುದ್ದಾರ ಗ್ರಾಮದ ಕೆಲ ಜಮೀನುಗಳ ಬಳಿ ಹಾದು ಹೋಗಿರುವ ಕಿರು ಕಾಲುವೆಯಲ್ಲಿ ಹೂಳು ತುಂಬಿ ಗಿಡಗಂಟಿಗಳು ಬೆಳೆದು ನೀರು ಸರಾಗವಾಗಿ ಹರಿಯದಂತಾಗಿದೆ. ಬೆಳೆಗಳಿಗೆ ನೀರು ತಲುಪದೆ ರೈತರು ಸಂಕಷ್ಟ ಎದುರಿಸುತ್ತಿದ್ದಾರೆ. ಕಾಲುವೆಯಲ್ಲಿ ನೀರು ಹರಿಯದೆ ಜಮೀನುಗಳಿಗೆ ನೀರು ತಲುಪುತ್ತಿಲ್ಲ. ಈ ಕುರಿತು ಸಂಬಂಧಪಟ್ಟ ಅಧಿಕಾರಿಗಳ ಗಮನಕ್ಕೆ ತಂದರೂ ಯಾವುದೇ ಪ್ರಯೋಜನವಾಗಿಲ್ಲ. ಕೂಡಲೇ ಕಾಲುವೆಯ ಹೂಳು ತೆಗೆದು ರೈತರಿಗೆ ಅನುಕೂಲ ಮಾಡಿಕೊಡಬೇಕು ಎಂದು ಆಗ್ರಹಿಸಿದ್ದಾರೆ.
ಚೆಟಿಬ ಮೂಲಕ ಕಾಲುವೆಯ ಹೂಳನ್ನು ಎತ್ತಲಾಗಿದೆ. ಕೆಲವು ರೈತರ ಜಮೀನಿನಲ್ಲಿ ಹೂಳು ತಾಕಲಾಗಿದೆ ಎಂಬ ದೂರುಗಳು ಬಂದಿವೆ. ಈ ಬಗ್ಗೆ ಸ್ಥಳಕ್ಕೆ ಭೇಟಿ ನೀಡಿ ಇವರನ್ನು ತೆರವುಗೊಳಿಸಲು ಕ್ರಮ ವಹಿಸಲಾಗುವುದು. ರಮೇಶ್ ಎಇಇ, ನೀರಾವರಿ ಇಲಾಖೆ
ಕೆಡದು ರೈತರಿಗೆ ಅನುಕೂಲ ಮಾಡಿಕೊಡಬೇಕು ಇಲ್ಲದಿದ್ದಲ್ಲಿ ಪ್ರತಿಭಟನೆ ಹಮ್ಮಿಕೊಳ್ಳಲಾಗುವುದು ಎಂದು ಗ್ರಾಮಸ್ಥರಾದ ಮಹದೇವ, ರಂಗಸ್ವಾಮಿ, ಬಸವರಾಜು, ಸಿದ್ದರಾಜು, ಪುಟ್ಟಸ್ವಾಮಿ, ನಾಗರಾಜು, ನಿಂಗರಾಜು ಸೇರಿದಂತೆ ಹಲವರು ಒತ್ತಾಯಿಸಿದ್ದಾರೆ.
ವಿವೇಕಾನಂದರ ಚಿಂತನೆಗಳು ಸರ್ವಕಾಲಕ್ಕೂ ಪ್ರಸ್ತುತ
ಮೈಸೂರು: ಸ್ವಾಮಿ ವಿವೇಕಾನಂದರು ಮಹಾ ವಿಶ್ವ ಚೇತನ. ಅವರು ಇಡೀ ಜಗತ್ತಿಗೆ ಮಾರ್ಗದರ್ಶಕರು. ಅವರ ಚಿಂತನೆಗಳು ಎಲ್ಲ ಕಾಲಕ್ಕೂ ಪ್ರಸ್ತುತ. ವಿಶ್ವ ಸಹೋದರತ್ವ, ವಿಶ್ವ ಶಾಂತಿಯ ಹರಿಕಾರ ಎಂದು ಸ್ವಾಮಿ ಮುಕ್ತಿದಾನಂದಜೀ ಮಹಾರಾಜ್ ತಿಳಿಸಿದರು. ಸತತ 14 ಗಂಟೆ 2 ನಿಮಿಷಗಳ ಕಾಲ ಸ್ವಾಮಿ ವಿವೇಕಾನಂದರ ಹುಟ್ಟು, ಬೆಳವಣಿಗೆ, ಜೀವನಗಾಥೆ, ಸಾಧನೆ ಮತ್ತು ವಿಶ್ವಕ್ಕೆ ಅವರ ಕೊಡುಗೆಗಳ ಬಗ್ಗೆ ಮಾತನಾಡಿ, ಇಂಟರ್‌ನ್ಯಾಷನಲ್ ಬುಕ್ ಆಫ್ ರೆಕಾರ್ಡ್ಸ್ ಪುಟ ಸೇರಿರುವ ನಗರದ ಸಾರ್ವಜನಿಕ ವಿದ್ಯಾರ್ಥಿ ಮಹೇಶ್ ಕುಮಾರ್ ಎಸ್.ಎನ್ ಅವರನ್ನು ರಾಮಕೃಷ್ಣ ಆಶ್ರಮದಲ್ಲಿ ಸನ್ಮಾನಿಸಿ ಮಾತನಾಡಿದರು. ಸ್ವಾಮಿ ವಿವೇಕಾನಂದರ ಬಗ್ಗೆ ತಿಳಿದುಕೊಳ್ಳಲು ವಿದ್ಯಾರ್ಥಿಗಳು ಮುಂದಾಗಬೇಕು. ಅವರ ಜೀವನ ಮತ್ತು ಬೋಧನೆಗಳು ಯುವಜನತೆಗೆ ಸ್ಫೂರ್ತಿ ಎಂದು ಹೇಳಿದರು.
ಮಹೇಶ ಸಾಧನೆ ಕುರಿತು ಮಾತನಾಡಿ, ಪ್ರತಿಭೆ ಗುರುತಿಸಿ ಪ್ರೋತ್ಸಾಹಿಸಬೇಕು ಎಂದರು. ಹದಿನಾಲ್ಕು ಗಂಟೆಗಳ ಕಾಲ ನಿರಂತರ ಮಾತನಾಡಿ ದಾಖಲೆ ನಿರ್ಮಿಸಿರುವುದು ಹೆಮ್ಮೆಯ ವಿಷಯ. ಯುವಜನರು ವಿವೇಕಾನಂದರ ಆದರ್ಶಗಳನ್ನು ಅಳವಡಿಸಿಕೊಳ್ಳಬೇಕು.
ಕ್ರಿಯಾಶೀಲರನ್ನು ಅಧ್ಯಾತ್ಮಗೋಲ್ಡನ್ ಪಕ್ಕೆ, ಪ್ರತಿಭೆ ನೀಡಿದ್ದಾರೆ. ಮಕ್ಕಳು ಆಗಸ್ಟ್ ರಲ್ಲಿ ಬೇಸಗೆಯಿಂದ ದೇಶದ ಬಗ್ಗೆ ಒಂದು ಅದ್ಭುತ ದೇಶ ಪ್ರೇಮ ಹೇಗಿರಬೇಕು ಎನ್ನುವುದನ್ನು ಸ್ಫೂರ್ತಿದಾಯಕವಾಗಿ ತಿಳಿಸಿದ್ದಾರೆ. ಶಿಕ್ಷಣ, ಯುವಜನತೆ ಮತ್ತು ರಾಷ್ಟ್ರ ನಿರ್ಮಾಣದ ಬಗ್ಗೆ ಅವರ ವಿಚಾರಧಾರೆ ಇಂದಿಗೂ ಮಾರ್ಗದರ್ಶಿ. ಕಾರ್ಯಕ್ರಮದಲ್ಲಿ ಆಶ್ರಮದ ಸ್ವಾಮೀಜಿಗಳು, ಪೋಷಕರು, ವಿದ್ಯಾರ್ಥಿಗಳು ಹಾಗೂ ಸಾರ್ವಜನಿಕರು ಭಾಗವಹಿಸಿದ್ದರು. ವಿದ್ಯಾರ್ಥಿ ಮಹೇಶ್ ಅವರಿಗೆ ಅಭಿನಂದನೆ ಸಲ್ಲಿಸಲಾಯಿತು. ಅವರ ಸಾಧನೆ ಯುವಕರಿಗೆ ಪ್ರೇರಣೆ ಎಂದು ಗಣ್ಯರು ಶ್ಲಾಘಿಸಿದರು. ಆಧ್ಯಾತ್ಮಿಕತೆಯ ಸರ್ವವಿಧ ಪರಿಪೂರ್ಣತೆ ಶಿಕ್ಷಣ-ಜೀವನ, ಪರಮಸತ್ಯ ಕುರಿತ ಅವರ ಬೋಧನೆ ನಮಗೆಲ್ಲ ಬೆಳಕು.
ಉಪ್ಪಾರ ಅಭಿವೃದ್ಧಿ ನಿಗಮದಿಂದ ಸಾಲ ಸೌಲಭ್ಯ
ಚಾಮರಾಜನಗರ: ಕರ್ನಾಟಕ ಉಪ್ಪಾರ ಅಭಿವೃದ್ಧಿ ನಿಗಮದಿಂದ 2024-25ನೇ ಸಾಲಿನಲ್ಲಿ ವಿವಿಧ ಯೋಜನೆಗಳಲ್ಲಿ ಸೌಲಭ್ಯ ಪಡೆಯಲು ಅರ್ಹ ಫಲಾನುಭವಿಗಳಿಂದ ಅರ್ಜಿ ಆಹ್ವಾನಿಸಲಾಗಿದೆ. ಸ್ವಯಂ ಉದ್ಯೋಗ ನೇರ ಸಾಲ ಯೋಜನೆ, ಅರಿವು ಶೈಕ್ಷಣಿಕ ಸಾಲ ಯೋಜನೆ, ಗಂಗಾ ಕಲ್ಯಾಣ ನೀರಾವರಿ ಯೋಜನೆ, ಉದ್ಯಮಶೀಲತಾ ಯೋಜನೆಗಳಲ್ಲಿ ಸೌಲಭ್ಯ ಪಡೆಯಲು ಅರ್ಜಿ ಸಲ್ಲಿಸಬಹುದು. ಅರ್ಜಿದಾರರು ಕರ್ನಾಟಕ ರಾಜ್ಯದ ನಿವಾಸಿಗಳಾಗಿದ್ದು, ಉಪ್ಪಾರ ಸಮುದಾಯಕ್ಕೆ ಸೇರಿರಬೇಕು. ವಯೋಮಿತಿ 18 ರಿಂದ 55 ವರ್ಷದೊಳಗಿರಬೇಕು. ಕುಟುಂಬದ ವಾರ್ಷಿಕ ಆದಾಯ ಗ್ರಾಮೀಣ ಪ್ರದೇಶದಲ್ಲಿ ರೂ.1,50,000 ಮತ್ತು ನಗರ ಪ್ರದೇಶದಲ್ಲಿ ರೂ.2,00,000 ಮಿತಿಯೊಳಗಿರಬೇಕು. ಅರಿವು ಯೋಜನೆಯಡಿ ವೃತ್ತಿಪರ ಕೋರ್ಸ್‌ಗಳ ವಿದ್ಯಾರ್ಥಿಗಳಿಗೆ ವಾರ್ಷಿಕ ಶೇ.2 ಬಡ್ಡಿದರದಲ್ಲಿ ಸಾಲ ನೀಡಲಾಗುವುದು. ಗಂಗಾ ಕಲ್ಯಾಣ ಯೋಜನೆಯಡಿ ಕೊಳವೆಬಾವಿ ಕೊರೆಸಿ ಪಂಪ್‌ಸೆಟ್ ಅಳವಡಿಸಿ ವಿದ್ಯುದ್ದೀಕರಣ ಮಾಡಿಕೊಡಲಾಗುವುದು. ಆಸಕ್ತರು ಆನ್‌ಲೈನ್ ಮೂಲಕ ಸೆಪ್ಟೆಂಬರ್ 16ರೊಳಗೆ ಅರ್ಜಿ ಸಲ್ಲಿಸಬಹುದು.
ಹೆಚ್ಚಿನ ಮಾಹಿತಿಗಾಗಿ ನಿಗಮದ ವೆಬ್‌ಸೈಟ್ ಅಥವಾ ನಿಗಮದ ಜಿಲ್ಲಾ ಕಚೇರಿ ದೂ.ಸಂ 080-22252555 ಸಂಪರ್ಕಿಸಬಹುದು ಎಂದು ನಿಗಮದ ವ್ಯವಸ್ಥಾಪಕ ನಿರ್ದೇಶಕರು ತಿಳಿಸಿದ್ದಾರೆ.
upparadevelopment.karnataka.gov.in
ಕೆ.ಆರ್.ಪೇಟೆಯಲ್ಲಿ ಕನ್ನಡ ಜಾಗೃತಿ ರಥ
ಕೆ.ಆರ್.ಪೇಟೆ: ಮಂಡ್ಯ ಜಿಲ್ಲೆಯ ನಾಗಮಂಗಲ ತಾಲೂಕಿನ ಬೆಳ್ಳೂರು ಗ್ರಾಮದ ಮೂಲಕ ಕೆ.ಆರ್.ಪೇಟೆ ತಾಲ್ಲೂಕಿನ ರಂಗನಾಥಪುರ ಕ್ರಾಸ್ ಗ್ರಾಮ ಪಂಚಾಯತ್ ವ್ಯಾಪ್ತಿಯಲ್ಲಿ ಕನ್ನಡ ಜ್ಯೋತಿ ರಥವನ್ನು ತಾಲ್ಲೂಕು ಆಡಳಿತ ಹಾಗೂ ಕನ್ನಡ ಸಾಹಿತ್ಯ ಪರಿಷತ್ ವತಿಯಿಂದ ಅದ್ದೂರಿಯಾಗಿ ಸ್ವಾಗತಿಸಲಾಯಿತು. 87ನೇ ಅಖಿಲ ಭಾರತ ಕನ್ನಡ ಸಾಹಿತ್ಯ ಸಮ್ಮೇಳನದ ಅಂಗವಾಗಿ ಕನ್ನಡ ಜಾಗೃತಿ ಮೂಡಿಸುವ ರಥಯಾತ್ರೆ ತಾಲ್ಲೂಕಿನ ವಿವಿಧ ಗ್ರಾಮಗಳಲ್ಲಿ ಸಂಚರಿಸಿತು. ಪೂರ್ಣಕುಂಭ ಸ್ವಾಗತ, ಜಾನಪದ ಕಲಾತಂಡಗಳ ಮೆರವಣಿಗೆ ಗಮನ ಸೆಳೆಯಿತು. ತಹಶೀಲ್ದಾರ್ ನಿಸರ್ಗಪ್ರಿಯ, ತಾಲ್ಲೂಕು ಪಂಚಾಯತ್ ಕಾರ್ಯನಿರ್ವಾಹಕ ಅಧಿಕಾರಿ, ಕಸಾಪ ತಾಲ್ಲೂಕು ಅಧ್ಯಕ್ಷರು ಹಾಗೂ ಗ್ರಾಮಸ್ಥರು ರಥಕ್ಕೆ ಪುಷ್ಪಾರ್ಚನೆ ಮಾಡಿ ಬರಮಾಡಿಕೊಂಡರು.
ಅಂಗನವಾಡಿ ಕಾರ್ಯಕರ್ತೆಯರು ಪೂರ್ಣಕುಂಭದೊಂದಿಗೆ ಹೆಜ್ಜೆ ಹಾಕಿದರು. ಶಾಲಾ ವಿದ್ಯಾರ್ಥಿಗಳು ಕನ್ನಡ ಧ್ವಜ ಹಿಡಿದು ಘೋಷಣೆ ಕೂಗಿದರು. ಗ್ರಾಮ ಪಂಚಾಯತ್ ಅಧ್ಯಕ್ಷರು, ಸದಸ್ಯರು, ಪಿಡಿಒ, ಕಂದಾಯ ನಿರೀಕ್ಷಕರು, ಗ್ರಾಮ ಲೆಕ್ಕಾಧಿಕಾರಿಗಳು ಹಾಗೂ ಕನ್ನಡಪರ ಸಂಘಟನೆಗಳ ಮುಖಂಡರು ಉಪಸ್ಥಿತರಿದ್ದರು.
ಯೋಗೇಶ್, ಸರ್ಕಾರಿ ನೌಕರರ ಸಂಘದ ಅಧ್ಯಕ್ಷರು, ತಾಲ್ಲೂಕು ಜಯಕರ್ನಾಟಕ ಸಂಘಟನೆ ಪದಾಧಿಕಾರಿಗಳು, ಎಸ್.ಶ್ರೀನಿವಾಸ್ ಸೇರಿದಂತೆ ಹಲವರು ಭಾಗವಹಿಸಿದ್ದರು. ರಥಯಾತ್ರೆ ನಂತರ ಪಟ್ಟಣದ ಮೂಲಕ ಮುಂದಿನ ತಾಲ್ಲೂಕಿಗೆ ತೆರಳಿತು.
